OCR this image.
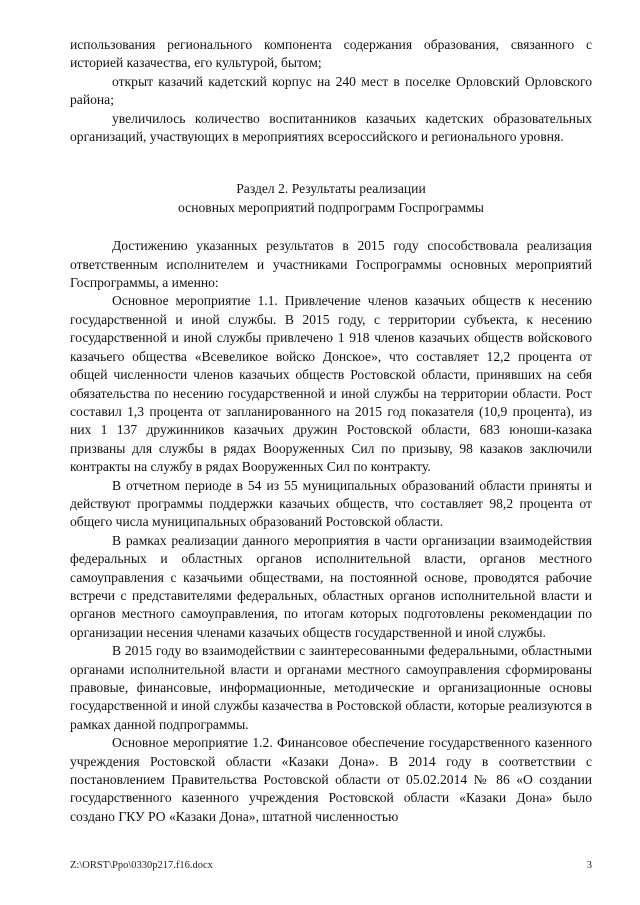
использования регионального компонента содержания образования, связанного с историей казачества, его культурой, бытом;

открыт казачий кадетский корпус на 240 мест в поселке Орловский Орловского района;

увеличилось количество воспитанников казачьих кадетских образовательных организаций, участвующих в мероприятиях всероссийского и регионального уровня.

Раздел 2. Результаты реализации
основных мероприятий подпрограмм Госпрограммы

Достижению указанных результатов в 2015 году способствовала реализация ответственным исполнителем и участниками Госпрограммы основных мероприятий Госпрограммы, а именно:

Основное мероприятие 1.1. Привлечение членов казачьих обществ к несению государственной и иной службы. В 2015 году, с территории субъекта, к несению государственной и иной службы привлечено 1 918 членов казачьих обществ войскового казачьего общества «Всевеликое войско Донское», что составляет 12,2 процента от общей численности членов казачьих обществ Ростовской области, принявших на себя обязательства по несению государственной и иной службы на территории области. Рост составил 1,3 процента от запланированного на 2015 год показателя (10,9 процента), из них 1 137 дружинников казачьих дружин Ростовской области, 683 юноши-казака призваны для службы в рядах Вооруженных Сил по призыву, 98 казаков заключили контракты на службу в рядах Вооруженных Сил по контракту.

В отчетном периоде в 54 из 55 муниципальных образований области приняты и действуют программы поддержки казачьих обществ, что составляет 98,2 процента от общего числа муниципальных образований Ростовской области.

В рамках реализации данного мероприятия в части организации взаимодействия федеральных и областных органов исполнительной власти, органов местного самоуправления с казачьими обществами, на постоянной основе, проводятся рабочие встречи с представителями федеральных, областных органов исполнительной власти и органов местного самоуправления, по итогам которых подготовлены рекомендации по организации несения членами казачьих обществ государственной и иной службы.

В 2015 году во взаимодействии с заинтересованными федеральными, областными органами исполнительной власти и органами местного самоуправления сформированы правовые, финансовые, информационные, методические и организационные основы государственной и иной службы казачества в Ростовской области, которые реализуются в рамках данной подпрограммы.

Основное мероприятие 1.2. Финансовое обеспечение государственного казенного учреждения Ростовской области «Казаки Дона». В 2014 году в соответствии с постановлением Правительства Ростовской области от 05.02.2014 № 86 «О создании государственного казенного учреждения Ростовской области «Казаки Дона» было создано ГКУ РО «Казаки Дона», штатной численностью

Z:\ORST\Ppo\0330p217.f16.docx	3
